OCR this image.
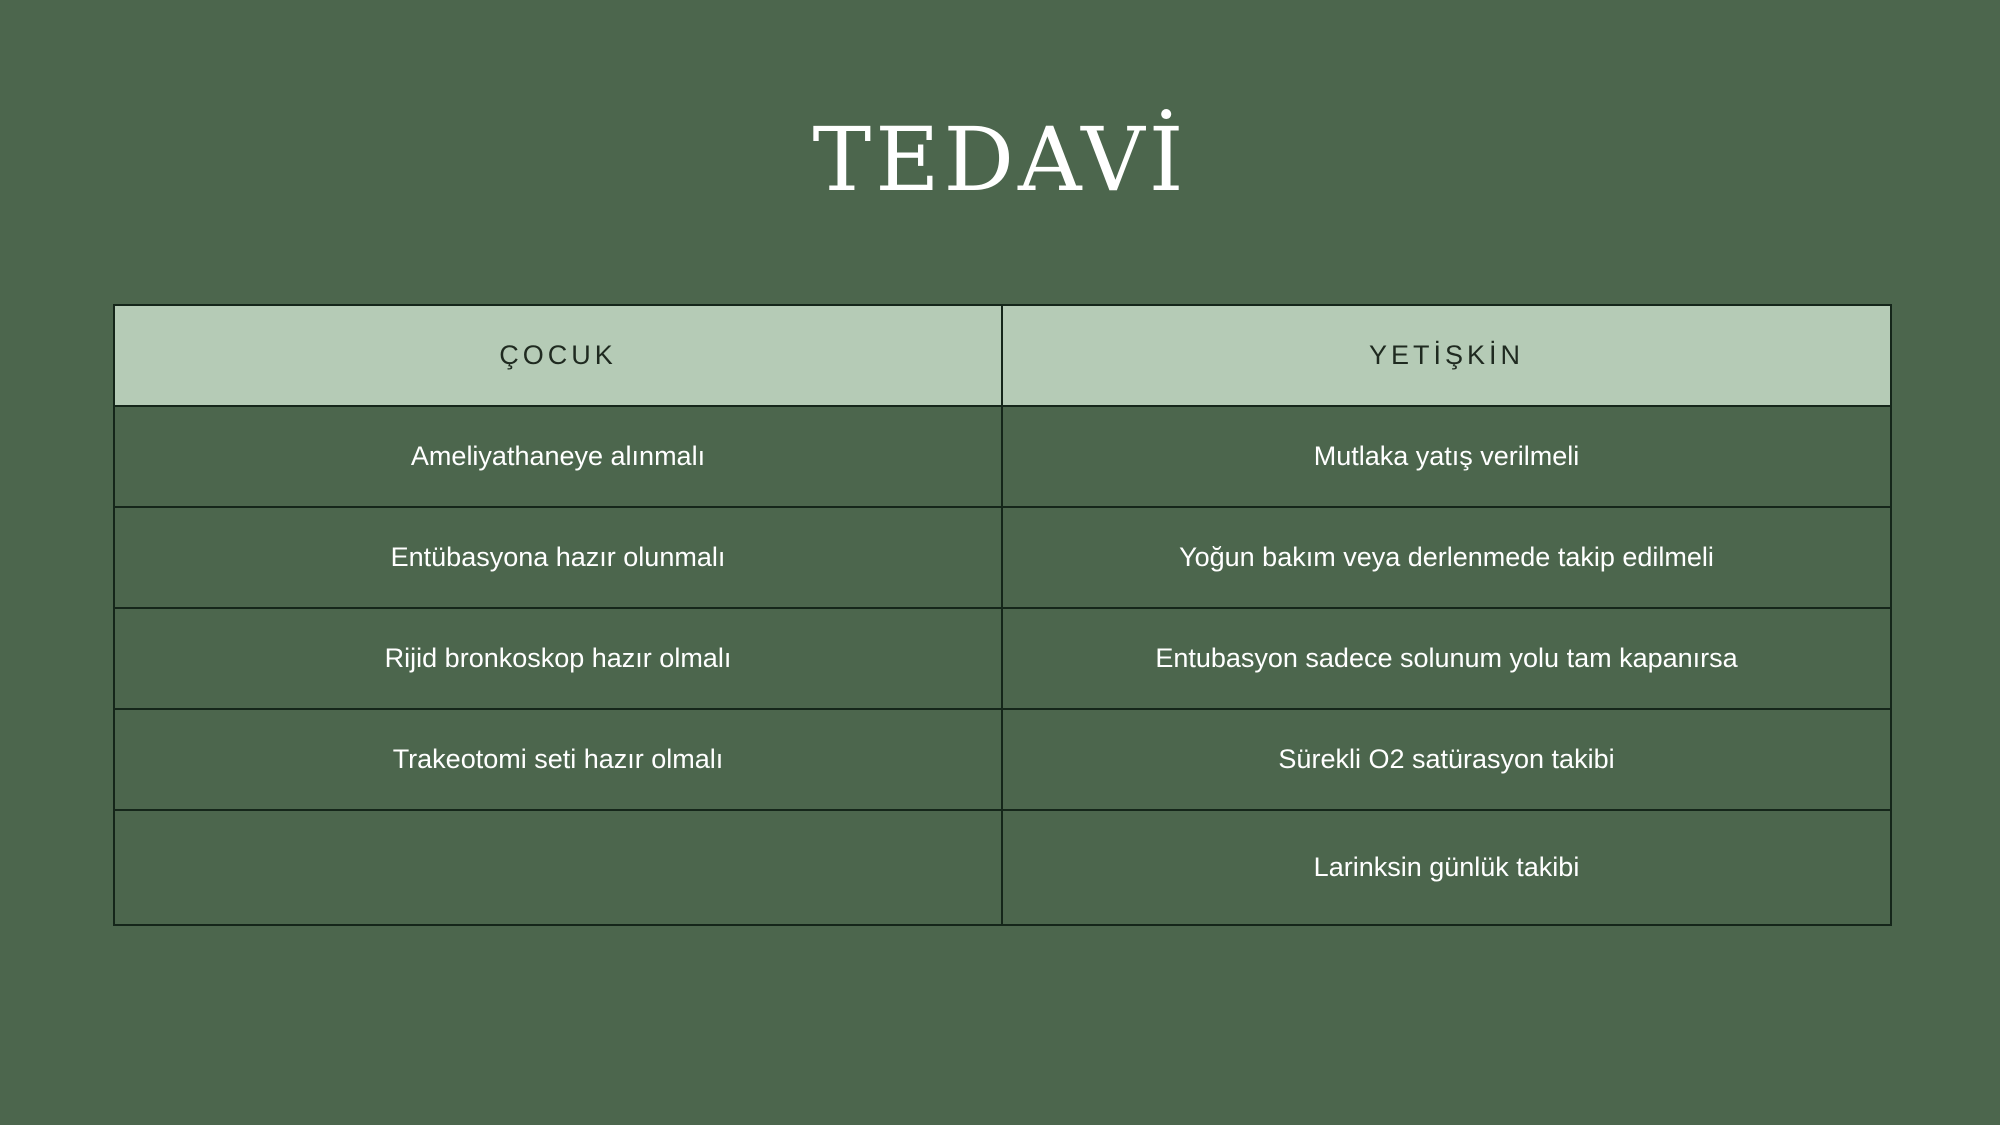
TEDAVİ
ÇOCUK	YETİŞKİN
Ameliyathaneye alınmalı	Mutlaka yatış verilmeli
Entübasyona hazır olunmalı	Yoğun bakım veya derlenmede takip edilmeli
Rijid bronkoskop hazır olmalı	Entubasyon sadece solunum yolu tam kapanırsa
Trakeotomi seti hazır olmalı	Sürekli O2 satürasyon takibi
	Larinksin günlük takibi
